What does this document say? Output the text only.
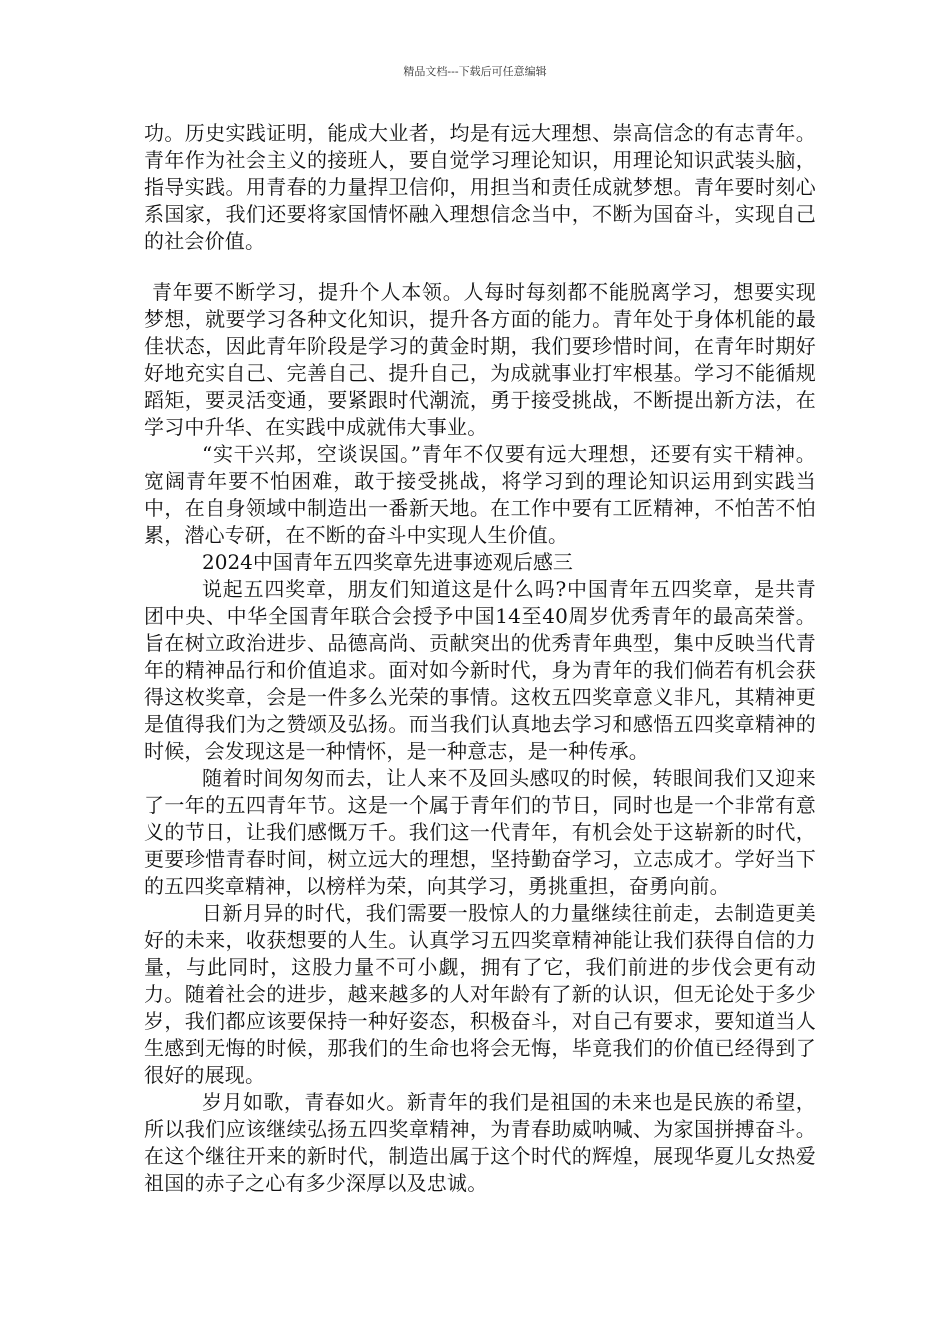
精品文档---下载后可任意编辑

功。历史实践证明，能成大业者，均是有远大理想、崇高信念的有志青年。青年作为社会主义的接班人，要自觉学习理论知识，用理论知识武装头脑，指导实践。用青春的力量捍卫信仰，用担当和责任成就梦想。青年要时刻心系国家，我们还要将家国情怀融入理想信念当中，不断为国奋斗，实现自己的社会价值。

青年要不断学习，提升个人本领。人每时每刻都不能脱离学习，想要实现梦想，就要学习各种文化知识，提升各方面的能力。青年处于身体机能的最佳状态，因此青年阶段是学习的黄金时期，我们要珍惜时间，在青年时期好好地充实自己、完善自己、提升自己，为成就事业打牢根基。学习不能循规蹈矩，要灵活变通，要紧跟时代潮流，勇于接受挑战，不断提出新方法，在学习中升华、在实践中成就伟大事业。

“实干兴邦，空谈误国。”青年不仅要有远大理想，还要有实干精神。宽阔青年要不怕困难，敢于接受挑战，将学习到的理论知识运用到实践当中，在自身领域中制造出一番新天地。在工作中要有工匠精神，不怕苦不怕累，潜心专研，在不断的奋斗中实现人生价值。

2024中国青年五四奖章先进事迹观后感三

说起五四奖章，朋友们知道这是什么吗?中国青年五四奖章，是共青团中央、中华全国青年联合会授予中国14至40周岁优秀青年的最高荣誉。旨在树立政治进步、品德高尚、贡献突出的优秀青年典型，集中反映当代青年的精神品行和价值追求。面对如今新时代，身为青年的我们倘若有机会获得这枚奖章，会是一件多么光荣的事情。这枚五四奖章意义非凡，其精神更是值得我们为之赞颂及弘扬。而当我们认真地去学习和感悟五四奖章精神的时候，会发现这是一种情怀，是一种意志，是一种传承。

随着时间匆匆而去，让人来不及回头感叹的时候，转眼间我们又迎来了一年的五四青年节。这是一个属于青年们的节日，同时也是一个非常有意义的节日，让我们感慨万千。我们这一代青年，有机会处于这崭新的时代，更要珍惜青春时间，树立远大的理想，坚持勤奋学习，立志成才。学好当下的五四奖章精神，以榜样为荣，向其学习，勇挑重担，奋勇向前。

日新月异的时代，我们需要一股惊人的力量继续往前走，去制造更美好的未来，收获想要的人生。认真学习五四奖章精神能让我们获得自信的力量，与此同时，这股力量不可小觑，拥有了它，我们前进的步伐会更有动力。随着社会的进步，越来越多的人对年龄有了新的认识，但无论处于多少岁，我们都应该要保持一种好姿态，积极奋斗，对自己有要求，要知道当人生感到无悔的时候，那我们的生命也将会无悔，毕竟我们的价值已经得到了很好的展现。

岁月如歌，青春如火。新青年的我们是祖国的未来也是民族的希望，所以我们应该继续弘扬五四奖章精神，为青春助威呐喊、为家国拼搏奋斗。在这个继往开来的新时代，制造出属于这个时代的辉煌，展现华夏儿女热爱祖国的赤子之心有多少深厚以及忠诚。
